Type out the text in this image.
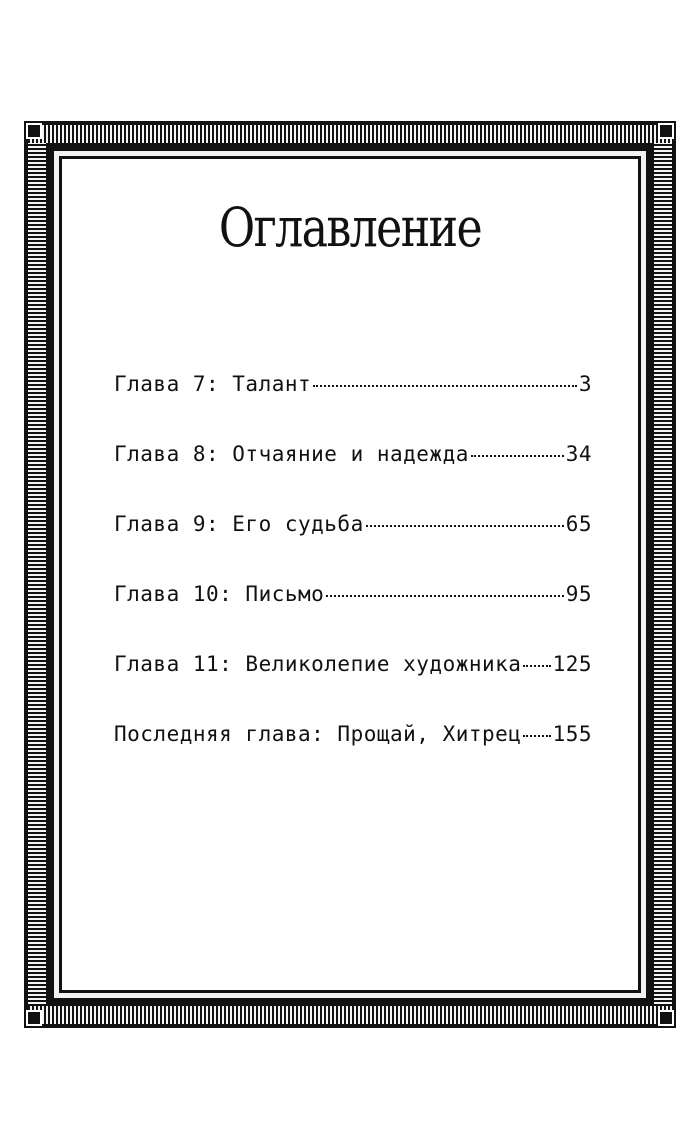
Оглавление
Глава 7: Талант	3
Глава 8: Отчаяние и надежда	34
Глава 9: Его судьба	65
Глава 10: Письмо	95
Глава 11: Великолепие художника 125
Последняя глава: Прощай, Хитрец 155
